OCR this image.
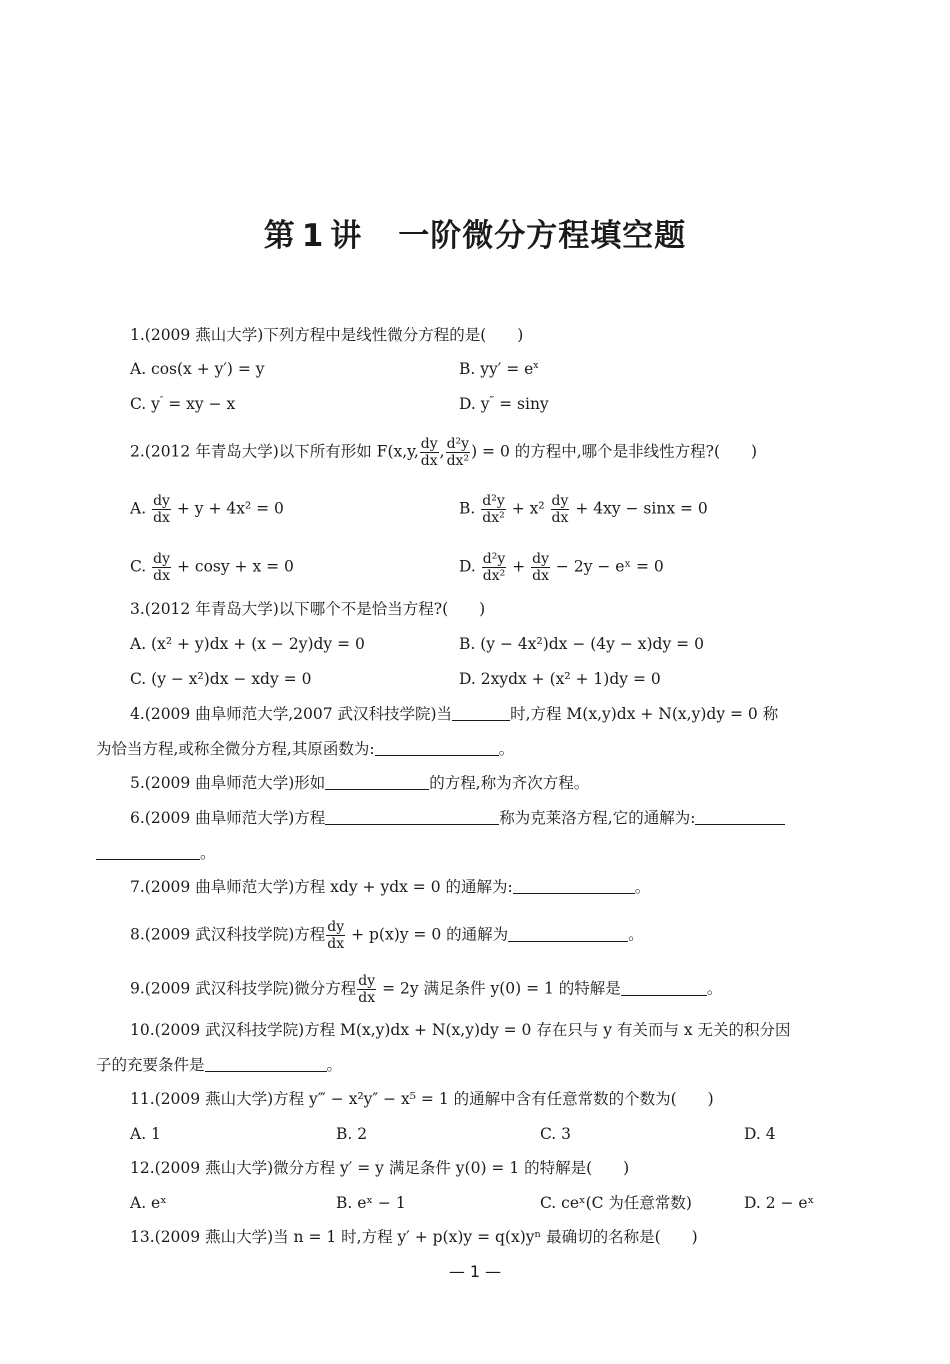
第 1 讲 一阶微分方程填空题
1.(2009 燕山大学)下列方程中是线性微分方程的是(　　)
A. cos(x + y′) = y	B. $yy' = e^x$
C. y″ = xy − x	D. y‴ = siny
2.(2012 年青岛大学)以下所有形如 F(x,y, $\frac{dy}{dx}$ , $\frac{\text{d²y}}{\text{dx²}}$ ) = 0 的方程中,哪个是非线性方程?(　　)
A. $\frac{dy}{dx} + y + 4x^2 = 0$	B. $\frac{\text{d²y}}{\text{dx²}} + x^2 \frac{dy}{dx} + 4xy - \sin x = 0$
C. $\frac{dy}{dx} + \cos y + x = 0$	D. $\frac{\text{d²y}}{\text{dx²}} + \frac{dy}{dx} - 2y$ − eˣ = 0
3.(2012 年青岛大学)以下哪个不是恰当方程?(　　)
A. (x² + y)dx + (x − 2y)dy = 0	B. (y − 4x²)dx − (4y − x)dy = 0
C. (y − x²)dx − xdy = 0	D. 2xydx + (x² + 1)dy = 0
4.(2009 曲阜师范大学,2007 武汉科技学院)当	时,方程 M(x,y)dx + N(x,y)dy = 0 称
为恰当方程,或称全微分方程,其原函数为:	。
5.(2009 曲阜师范大学)形如	的方程,称为齐次方程。
6.(2009 曲阜师范大学)方程	称为克莱洛方程,它的通解为:
。
7.(2009 曲阜师范大学)方程 xdy + ydx = 0 的通解为:	。
8.(2009 武汉科技学院)方程 $\frac{dy}{dx} + p(x)y = 0$ 的通解为	。
9.(2009 武汉科技学院)微分方程 $\frac{dy}{dx} = 2y$ 满足条件 y(0) = 1 的特解是	。
10.(2009 武汉科技学院)方程 M(x,y)dx + N(x,y)dy = 0 存在只与 y 有关而与 x 无关的积分因
子的充要条件是	。
11.(2009 燕山大学)方程 y‴ − x²y″ − x⁵ = 1 的通解中含有任意常数的个数为(　　)
A. 1	B. 2	C. 3	D. 4
12.(2009 燕山大学)微分方程 y′ = y 满足条件 y(0) = 1 的特解是(　　)
A. eˣ	B. eˣ − 1	C. ceˣ(C 为任意常数)	D. 2 − eˣ
13.(2009 燕山大学)当 n = 1 时,方程 y′ + p(x)y = q(x)yⁿ 最确切的名称是(　　)
— 1 —
